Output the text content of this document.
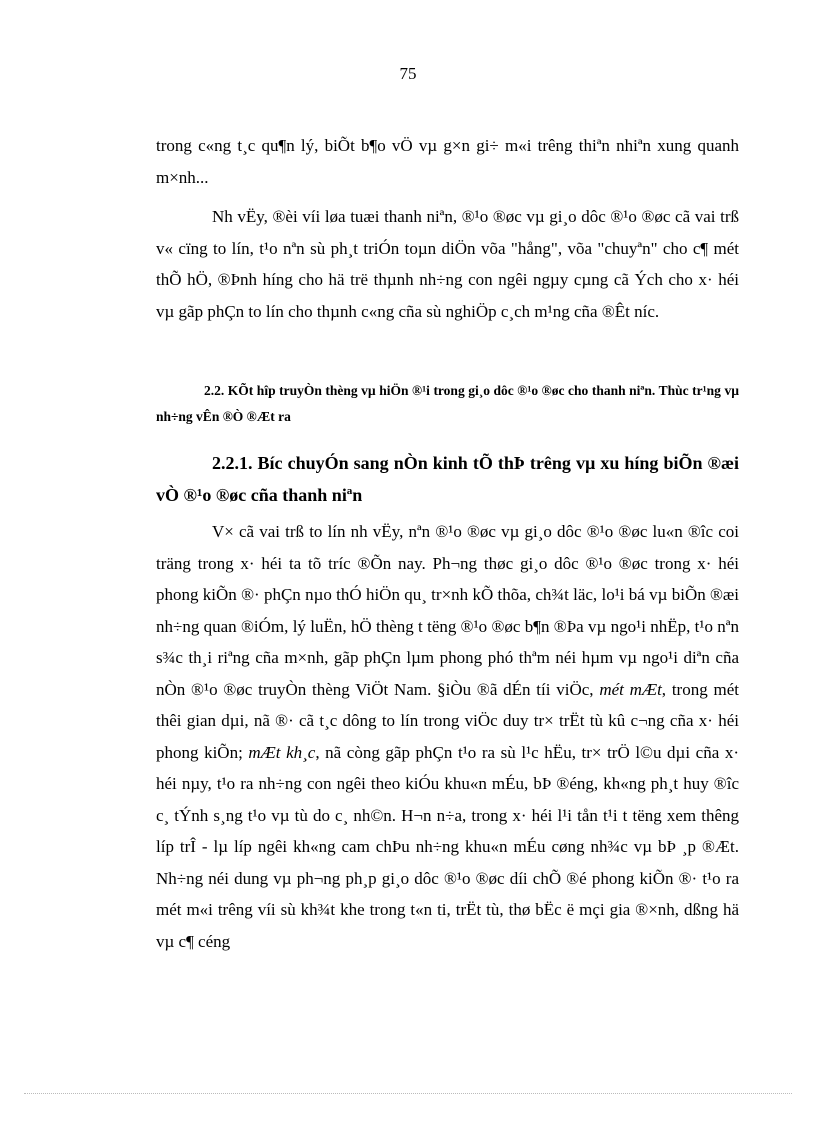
75

trong c«ng t¸c qu¶n lý, biÕt b¶o vÖ vµ g×n gi÷ m«i trêng thiªn nhiªn xung quanh m×nh...

Nh vËy, ®èi víi løa tuæi thanh niªn, ®¹o ®øc vµ gi¸o dôc ®¹o ®øc cã vai trß v« cïng to lín, t¹o nªn sù ph¸t triÓn toµn diÖn võa "hång", võa "chuyªn" cho c¶ mét thÕ hÖ, ®Þnh híng cho hä trë thµnh nh÷ng con ngêi ngµy cµng cã Ých cho x· héi vµ gãp phÇn to lín cho thµnh c«ng cña sù nghiÖp c¸ch m¹ng cña ®Êt níc.

2.2. KÕt hîp truyÒn thèng vµ hiÖn ®¹i trong gi¸o dôc ®¹o ®øc cho thanh niªn. Thùc tr¹ng vµ nh÷ng vÊn ®Ò ®Æt ra

2.2.1. Bíc chuyÓn sang nÒn kinh tÕ thÞ trêng vµ xu híng biÕn ®æi vÒ ®¹o ®øc cña thanh niªn

V× cã vai trß to lín nh vËy, nªn ®¹o ®øc vµ gi¸o dôc ®¹o ®øc lu«n ®îc coi träng trong x· héi ta tõ tríc ®Õn nay. Ph¬ng thøc gi¸o dôc ®¹o ®øc trong x· héi phong kiÕn ®· phÇn nµo thÓ hiÖn qu¸ tr×nh kÕ thõa, ch¾t läc, lo¹i bá vµ biÕn ®æi nh÷ng quan ®iÓm, lý luËn, hÖ thèng t tëng ®¹o ®øc b¶n ®Þa vµ ngo¹i nhËp, t¹o nªn s¾c th¸i riªng cña m×nh, gãp phÇn lµm phong phó thªm néi hµm vµ ngo¹i diªn cña nÒn ®¹o ®øc truyÒn thèng ViÖt Nam. §iÒu ®ã dÉn tíi viÖc, mét mÆt, trong mét thêi gian dµi, nã ®· cã t¸c dông to lín trong viÖc duy tr× trËt tù kû c¬ng cña x· héi phong kiÕn; mÆt kh¸c, nã còng gãp phÇn t¹o ra sù l¹c hËu, tr× trÖ l©u dµi cña x· héi nµy, t¹o ra nh÷ng con ngêi theo kiÓu khu«n mÉu, bÞ ®éng, kh«ng ph¸t huy ®îc c¸ tÝnh s¸ng t¹o vµ tù do c¸ nh©n. H¬n n÷a, trong x· héi l¹i tån t¹i t tëng xem thêng líp trÎ - lµ líp ngêi kh«ng cam chÞu nh÷ng khu«n mÉu cøng nh¾c vµ bÞ ¸p ®Æt. Nh÷ng néi dung vµ ph¬ng ph¸p gi¸o dôc ®¹o ®øc díi chÕ ®é phong kiÕn ®· t¹o ra mét m«i trêng víi sù kh¾t khe trong t«n ti, trËt tù, thø bËc ë mçi gia ®×nh, dßng hä vµ c¶ céng
